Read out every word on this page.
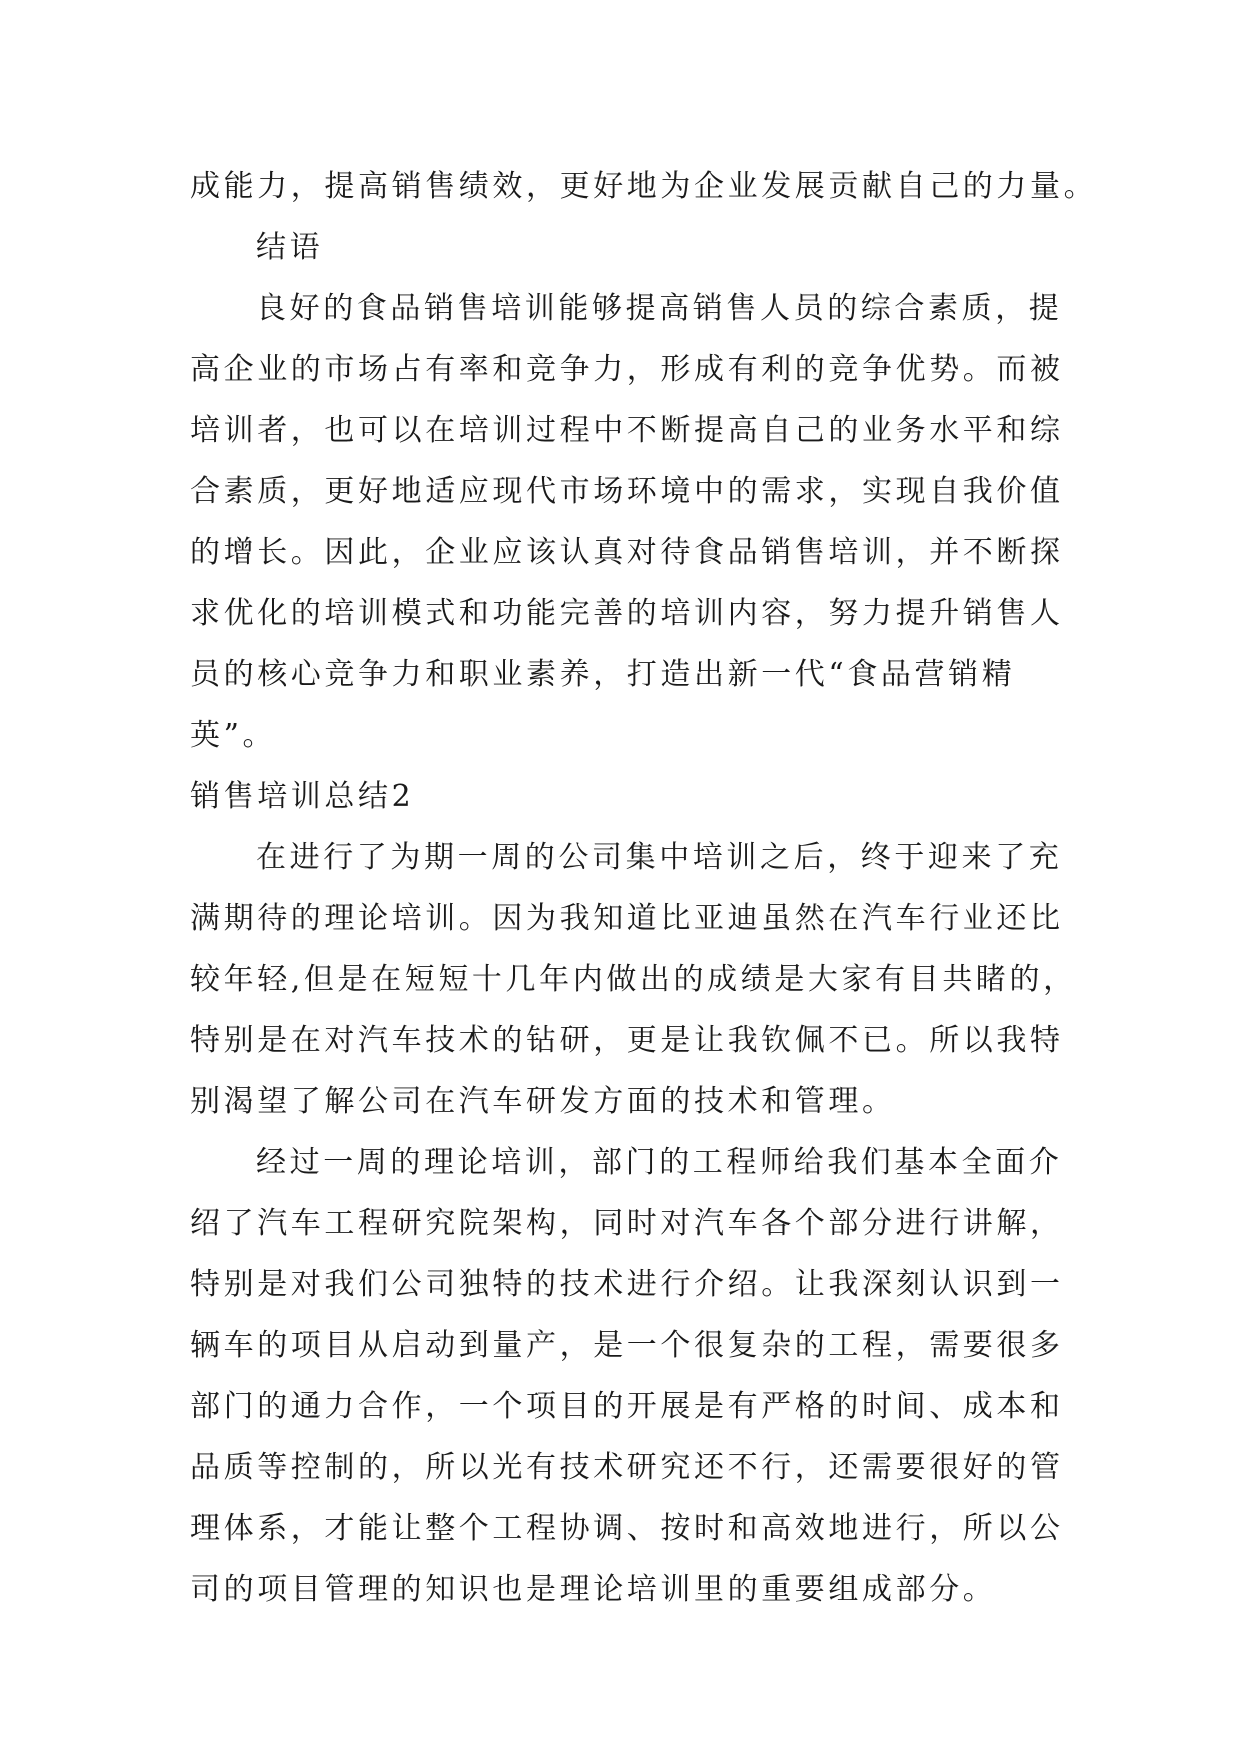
成能力，提高销售绩效，更好地为企业发展贡献自己的力量。
结语
良好的食品销售培训能够提高销售人员的综合素质，提
高企业的市场占有率和竞争力，形成有利的竞争优势。而被
培训者，也可以在培训过程中不断提高自己的业务水平和综
合素质，更好地适应现代市场环境中的需求，实现自我价值
的增长。因此，企业应该认真对待食品销售培训，并不断探
求优化的培训模式和功能完善的培训内容，努力提升销售人
员的核心竞争力和职业素养，打造出新一代“食品营销精
英”。
销售培训总结2
在进行了为期一周的公司集中培训之后，终于迎来了充
满期待的理论培训。因为我知道比亚迪虽然在汽车行业还比
较年轻,但是在短短十几年内做出的成绩是大家有目共睹的，
特别是在对汽车技术的钻研，更是让我钦佩不已。所以我特
别渴望了解公司在汽车研发方面的技术和管理。
经过一周的理论培训，部门的工程师给我们基本全面介
绍了汽车工程研究院架构，同时对汽车各个部分进行讲解，
特别是对我们公司独特的技术进行介绍。让我深刻认识到一
辆车的项目从启动到量产，是一个很复杂的工程，需要很多
部门的通力合作，一个项目的开展是有严格的时间、成本和
品质等控制的，所以光有技术研究还不行，还需要很好的管
理体系，才能让整个工程协调、按时和高效地进行，所以公
司的项目管理的知识也是理论培训里的重要组成部分。
